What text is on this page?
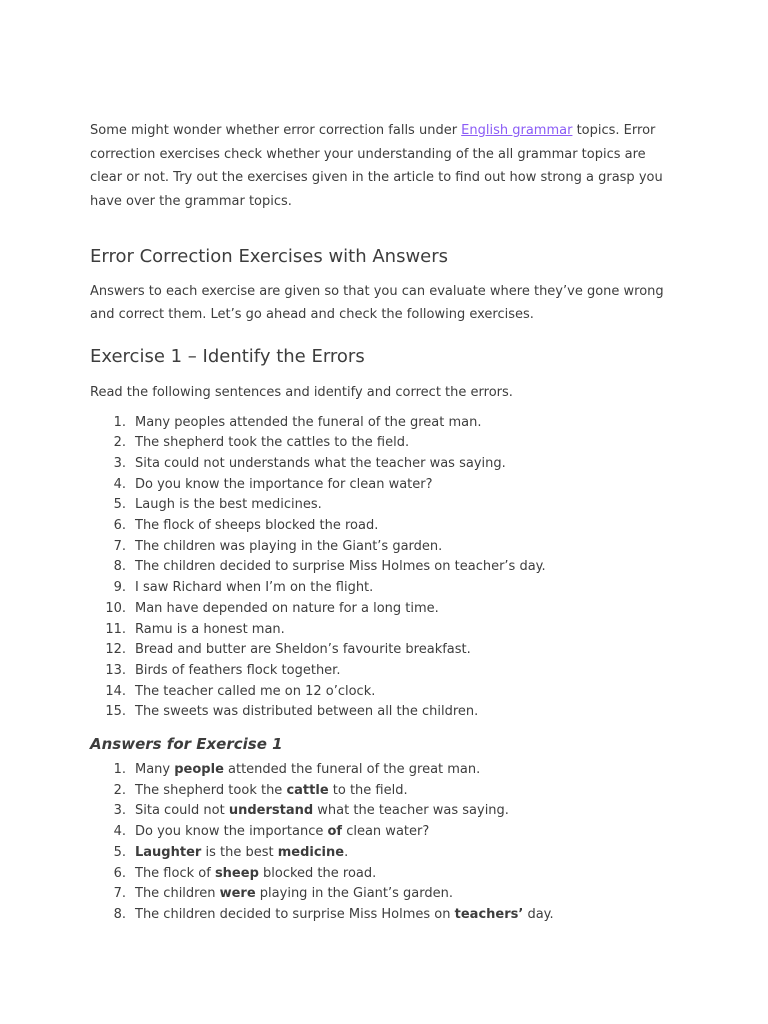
Some might wonder whether error correction falls under English grammar topics. Error correction exercises check whether your understanding of the all grammar topics are clear or not. Try out the exercises given in the article to find out how strong a grasp you have over the grammar topics.

Error Correction Exercises with Answers

Answers to each exercise are given so that you can evaluate where they’ve gone wrong and correct them. Let’s go ahead and check the following exercises.

Exercise 1 – Identify the Errors

Read the following sentences and identify and correct the errors.

1. Many peoples attended the funeral of the great man.
2. The shepherd took the cattles to the field.
3. Sita could not understands what the teacher was saying.
4. Do you know the importance for clean water?
5. Laugh is the best medicines.
6. The flock of sheeps blocked the road.
7. The children was playing in the Giant’s garden.
8. The children decided to surprise Miss Holmes on teacher’s day.
9. I saw Richard when I’m on the flight.
10. Man have depended on nature for a long time.
11. Ramu is a honest man.
12. Bread and butter are Sheldon’s favourite breakfast.
13. Birds of feathers flock together.
14. The teacher called me on 12 o’clock.
15. The sweets was distributed between all the children.
Answers for Exercise 1
1. Many people attended the funeral of the great man.
2. The shepherd took the cattle to the field.
3. Sita could not understand what the teacher was saying.
4. Do you know the importance of clean water?
5. Laughter is the best medicine.
6. The flock of sheep blocked the road.
7. The children were playing in the Giant’s garden.
8. The children decided to surprise Miss Holmes on teachers’ day.
